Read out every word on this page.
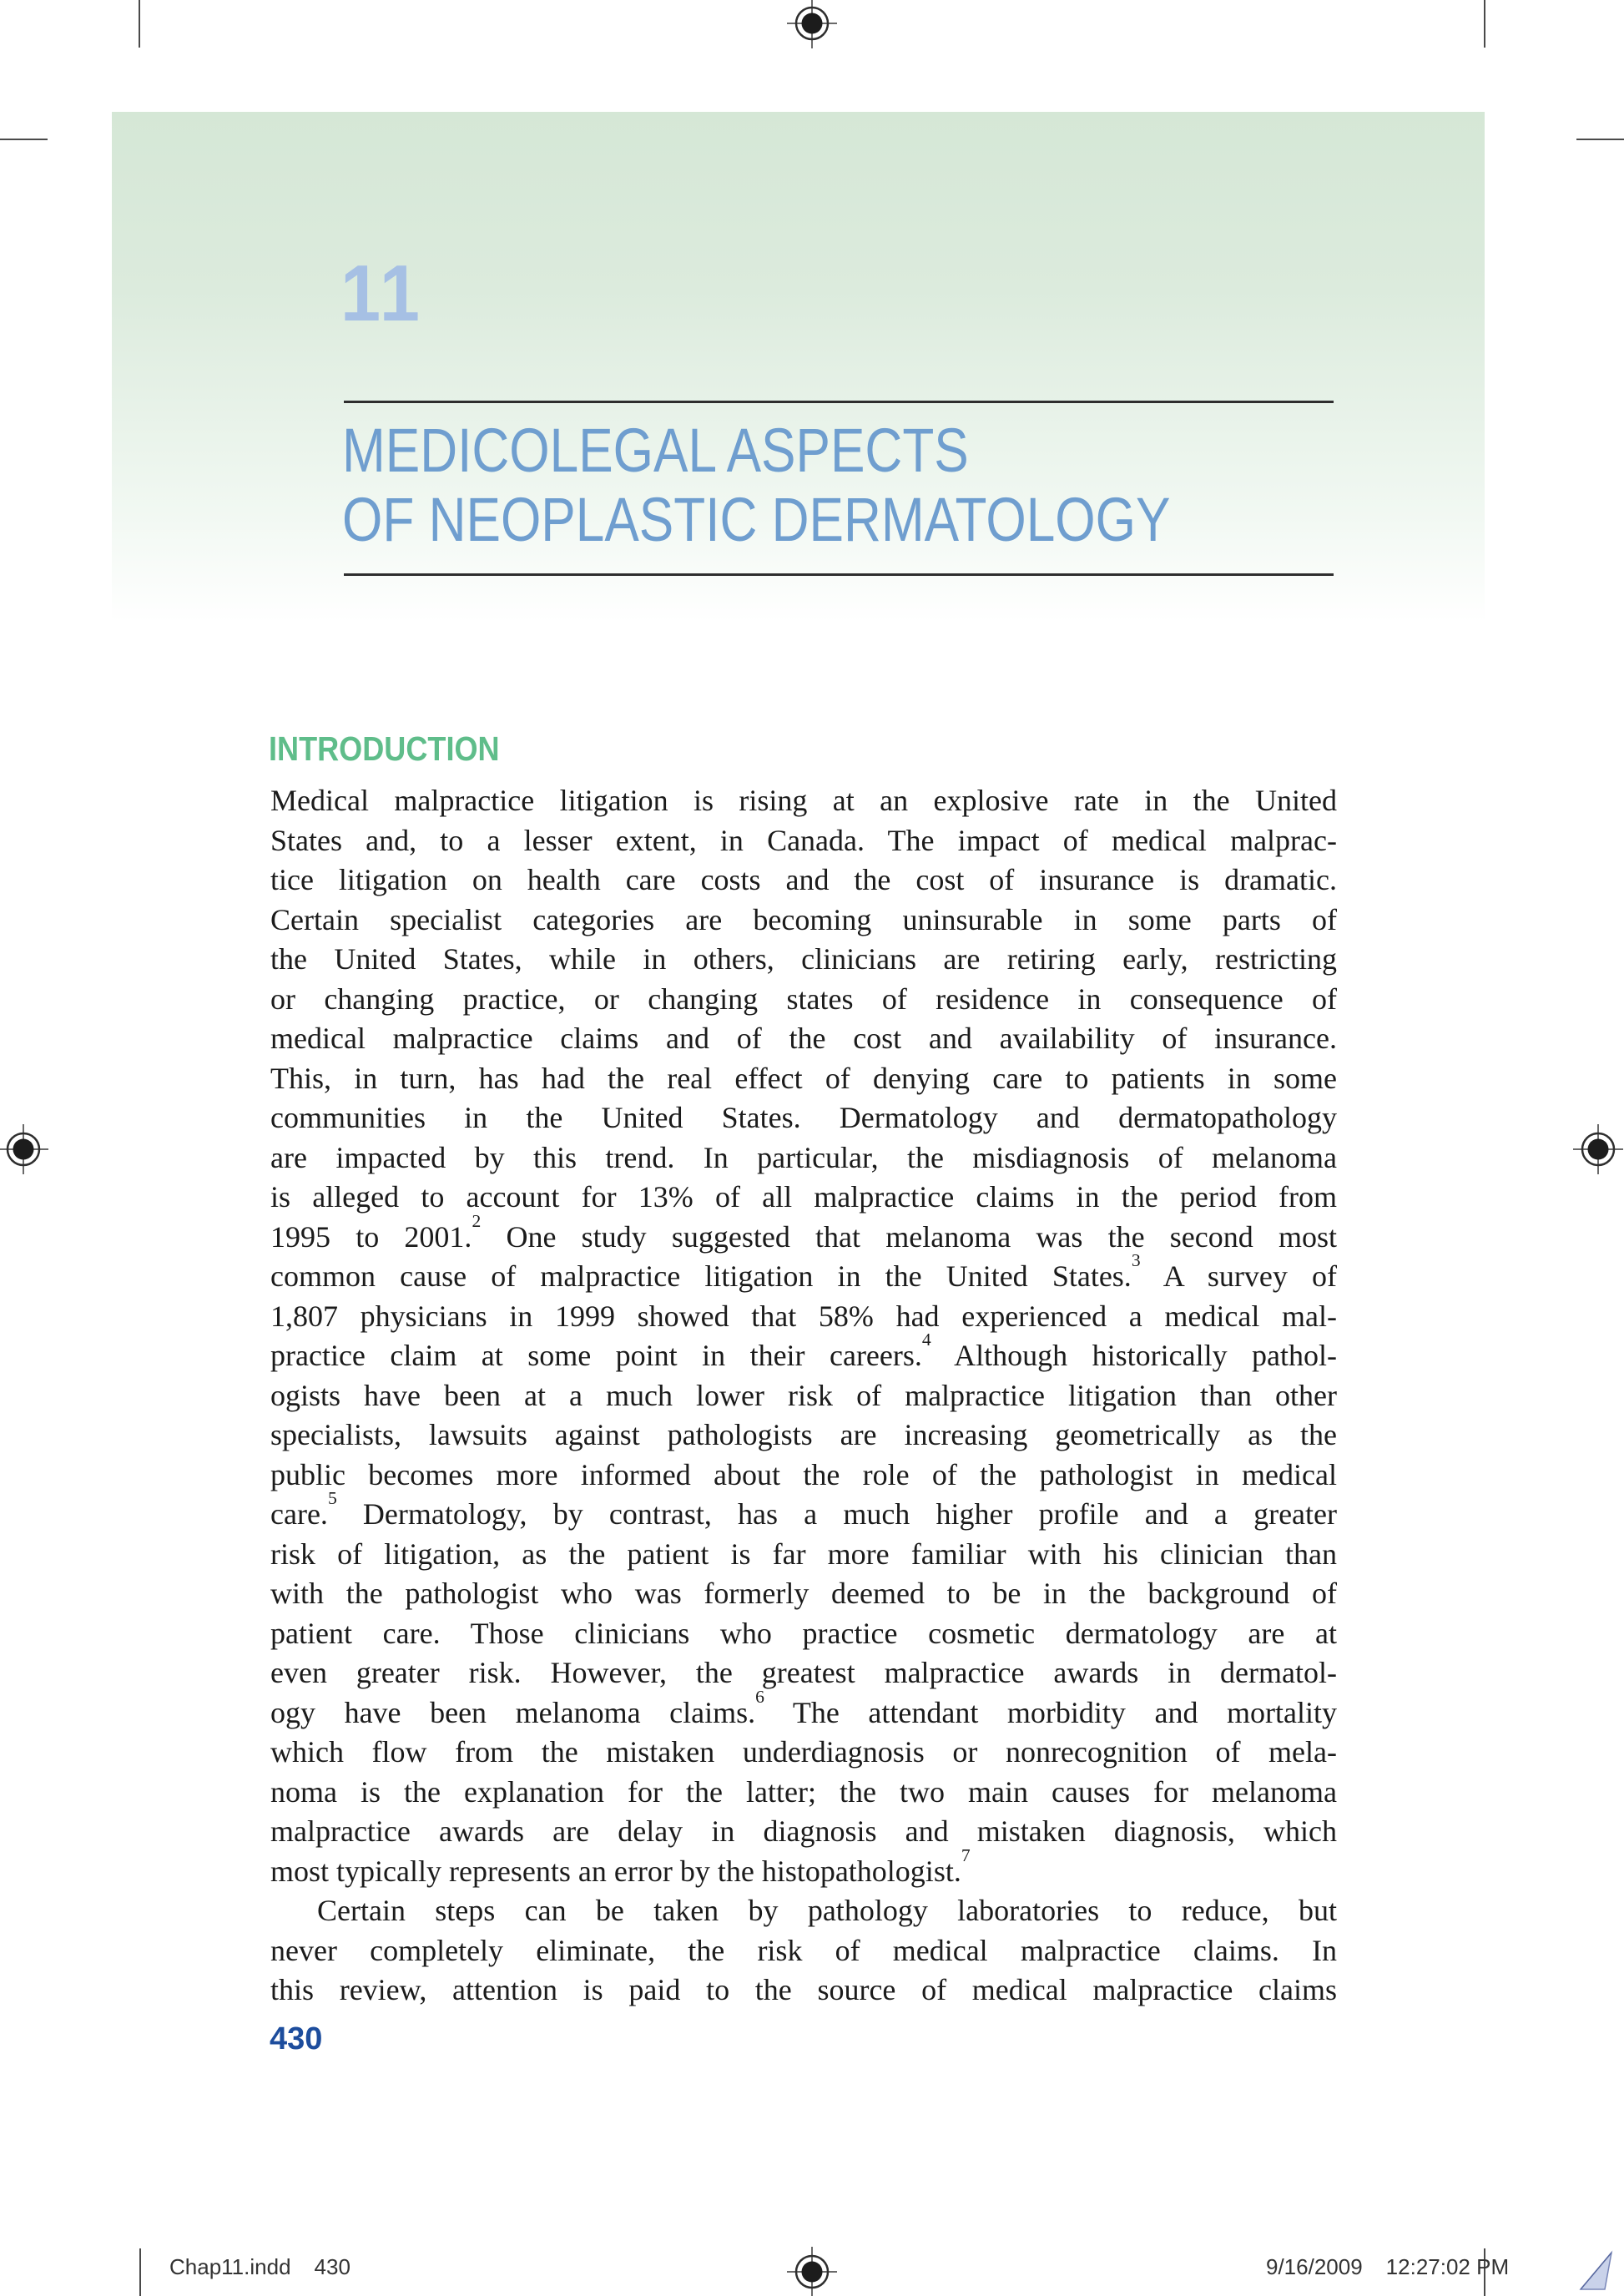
11
MEDICOLEGAL ASPECTS
OF NEOPLASTIC DERMATOLOGY
INTRODUCTION
Medical malpractice litigation is rising at an explosive rate in the United
States and, to a lesser extent, in Canada. The impact of medical malprac-
tice litigation on health care costs and the cost of insurance is dramatic.
Certain specialist categories are becoming uninsurable in some parts of
the United States, while in others, clinicians are retiring early, restricting
or changing practice, or changing states of residence in consequence of
medical malpractice claims and of the cost and availability of insurance.
This, in turn, has had the real effect of denying care to patients in some
communities in the United States. Dermatology and dermatopathology
are impacted by this trend. In particular, the misdiagnosis of melanoma
is alleged to account for 13% of all malpractice claims in the period from
1995 to 2001.$^2$ One study suggested that melanoma was the second most
common cause of malpractice litigation in the United States.$^3$ A survey of
1,807 physicians in 1999 showed that 58% had experienced a medical mal-
practice claim at some point in their careers.$^4$ Although historically pathol-
ogists have been at a much lower risk of malpractice litigation than other
specialists, lawsuits against pathologists are increasing geometrically as the
public becomes more informed about the role of the pathologist in medical
care.$^5$ Dermatology, by contrast, has a much higher profile and a greater
risk of litigation, as the patient is far more familiar with his clinician than
with the pathologist who was formerly deemed to be in the background of
patient care. Those clinicians who practice cosmetic dermatology are at
even greater risk. However, the greatest malpractice awards in dermatol-
ogy have been melanoma claims.$^6$ The attendant morbidity and mortality
which flow from the mistaken underdiagnosis or nonrecognition of mela-
noma is the explanation for the latter; the two main causes for melanoma
malpractice awards are delay in diagnosis and mistaken diagnosis, which
most typically represents an error by the histopathologist.$^7$
Certain steps can be taken by pathology laboratories to reduce, but
never completely eliminate, the risk of medical malpractice claims. In
this review, attention is paid to the source of medical malpractice claims
430
Chap11.indd 430	9/16/2009 12:27:02 PM
